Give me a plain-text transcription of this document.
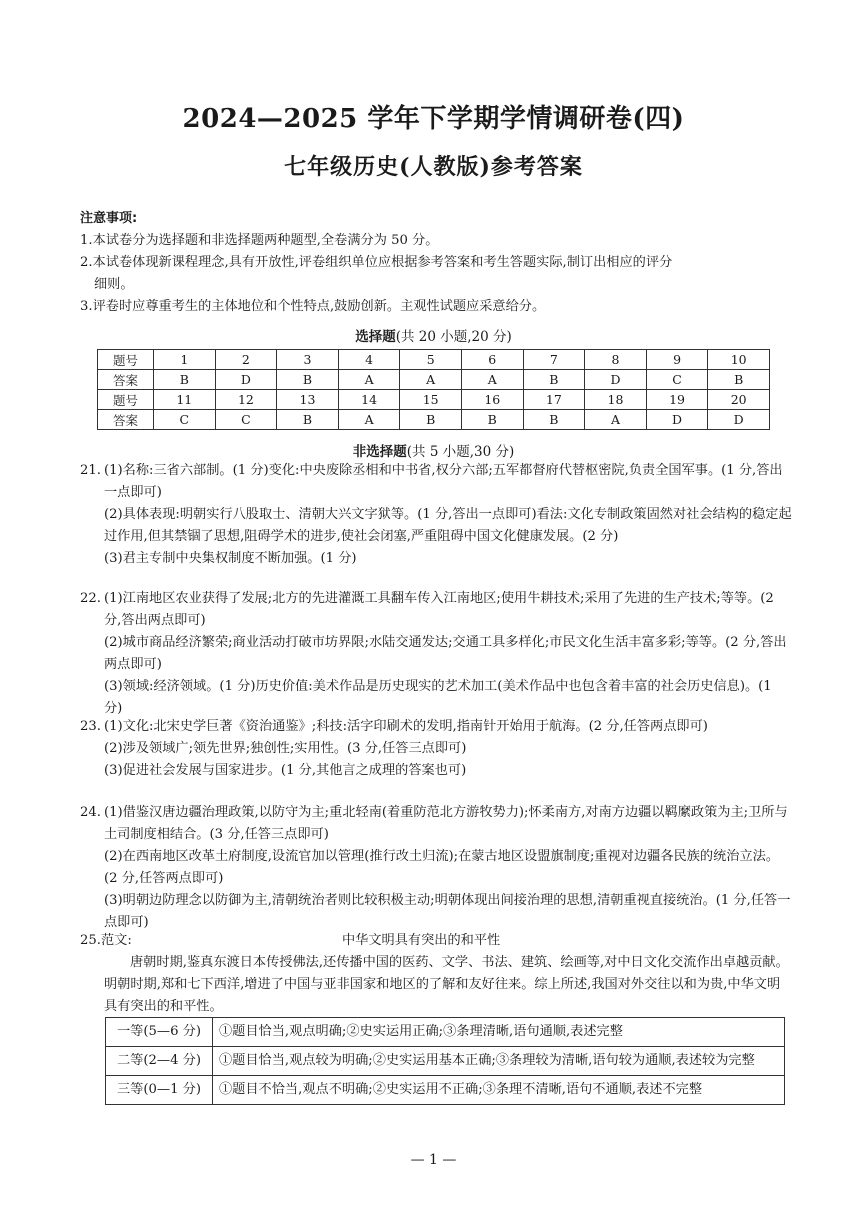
2024—2025 学年下学期学情调研卷(四)
七年级历史(人教版)参考答案
注意事项:
1.本试卷分为选择题和非选择题两种题型,全卷满分为 50 分。
2.本试卷体现新课程理念,具有开放性,评卷组织单位应根据参考答案和考生答题实际,制订出相应的评分
细则。
3.评卷时应尊重考生的主体地位和个性特点,鼓励创新。主观性试题应采意给分。
选择题(共 20 小题,20 分)
题号	1	2	3	4	5	6	7	8	9	10
答案	B	D	B	A	A	A	B	D	C	B
题号	11	12	13	14	15	16	17	18	19	20
答案	C	C	B	A	B	B	B	A	D	D
非选择题(共 5 小题,30 分)
21. (1)名称:三省六部制。(1 分)变化:中央废除丞相和中书省,权分六部;五军都督府代替枢密院,负责全国军事。(1 分,答出一点即可)
(2)具体表现:明朝实行八股取士、清朝大兴文字狱等。(1 分,答出一点即可)看法:文化专制政策固然对社会结构的稳定起过作用,但其禁锢了思想,阻碍学术的进步,使社会闭塞,严重阻碍中国文化健康发展。(2 分)
(3)君主专制中央集权制度不断加强。(1 分)
22. (1)江南地区农业获得了发展;北方的先进灌溉工具翻车传入江南地区;使用牛耕技术;采用了先进的生产技术;等等。(2 分,答出两点即可)
(2)城市商品经济繁荣;商业活动打破市坊界限;水陆交通发达;交通工具多样化;市民文化生活丰富多彩;等等。(2 分,答出两点即可)
(3)领域:经济领域。(1 分)历史价值:美术作品是历史现实的艺术加工(美术作品中也包含着丰富的社会历史信息)。(1 分)
23. (1)文化:北宋史学巨著《资治通鉴》;科技:活字印刷术的发明,指南针开始用于航海。(2 分,任答两点即可)
(2)涉及领域广;领先世界;独创性;实用性。(3 分,任答三点即可)
(3)促进社会发展与国家进步。(1 分,其他言之成理的答案也可)
24. (1)借鉴汉唐边疆治理政策,以防守为主;重北轻南(着重防范北方游牧势力);怀柔南方,对南方边疆以羁縻政策为主;卫所与土司制度相结合。(3 分,任答三点即可)
(2)在西南地区改革土府制度,设流官加以管理(推行改土归流);在蒙古地区设盟旗制度;重视对边疆各民族的统治立法。(2 分,任答两点即可)
(3)明朝边防理念以防御为主,清朝统治者则比较积极主动;明朝体现出间接治理的思想,清朝重视直接统治。(1 分,任答一点即可)
25.范文:	中华文明具有突出的和平性
唐朝时期,鉴真东渡日本传授佛法,还传播中国的医药、文学、书法、建筑、绘画等,对中日文化交流作出卓越贡献。明朝时期,郑和七下西洋,增进了中国与亚非国家和地区的了解和友好往来。综上所述,我国对外交往以和为贵,中华文明具有突出的和平性。
一等(5—6 分)	①题目恰当,观点明确;②史实运用正确;③条理清晰,语句通顺,表述完整
二等(2—4 分)	①题目恰当,观点较为明确;②史实运用基本正确;③条理较为清晰,语句较为通顺,表述较为完整
三等(0—1 分)	①题目不恰当,观点不明确;②史实运用不正确;③条理不清晰,语句不通顺,表述不完整
— 1 —
